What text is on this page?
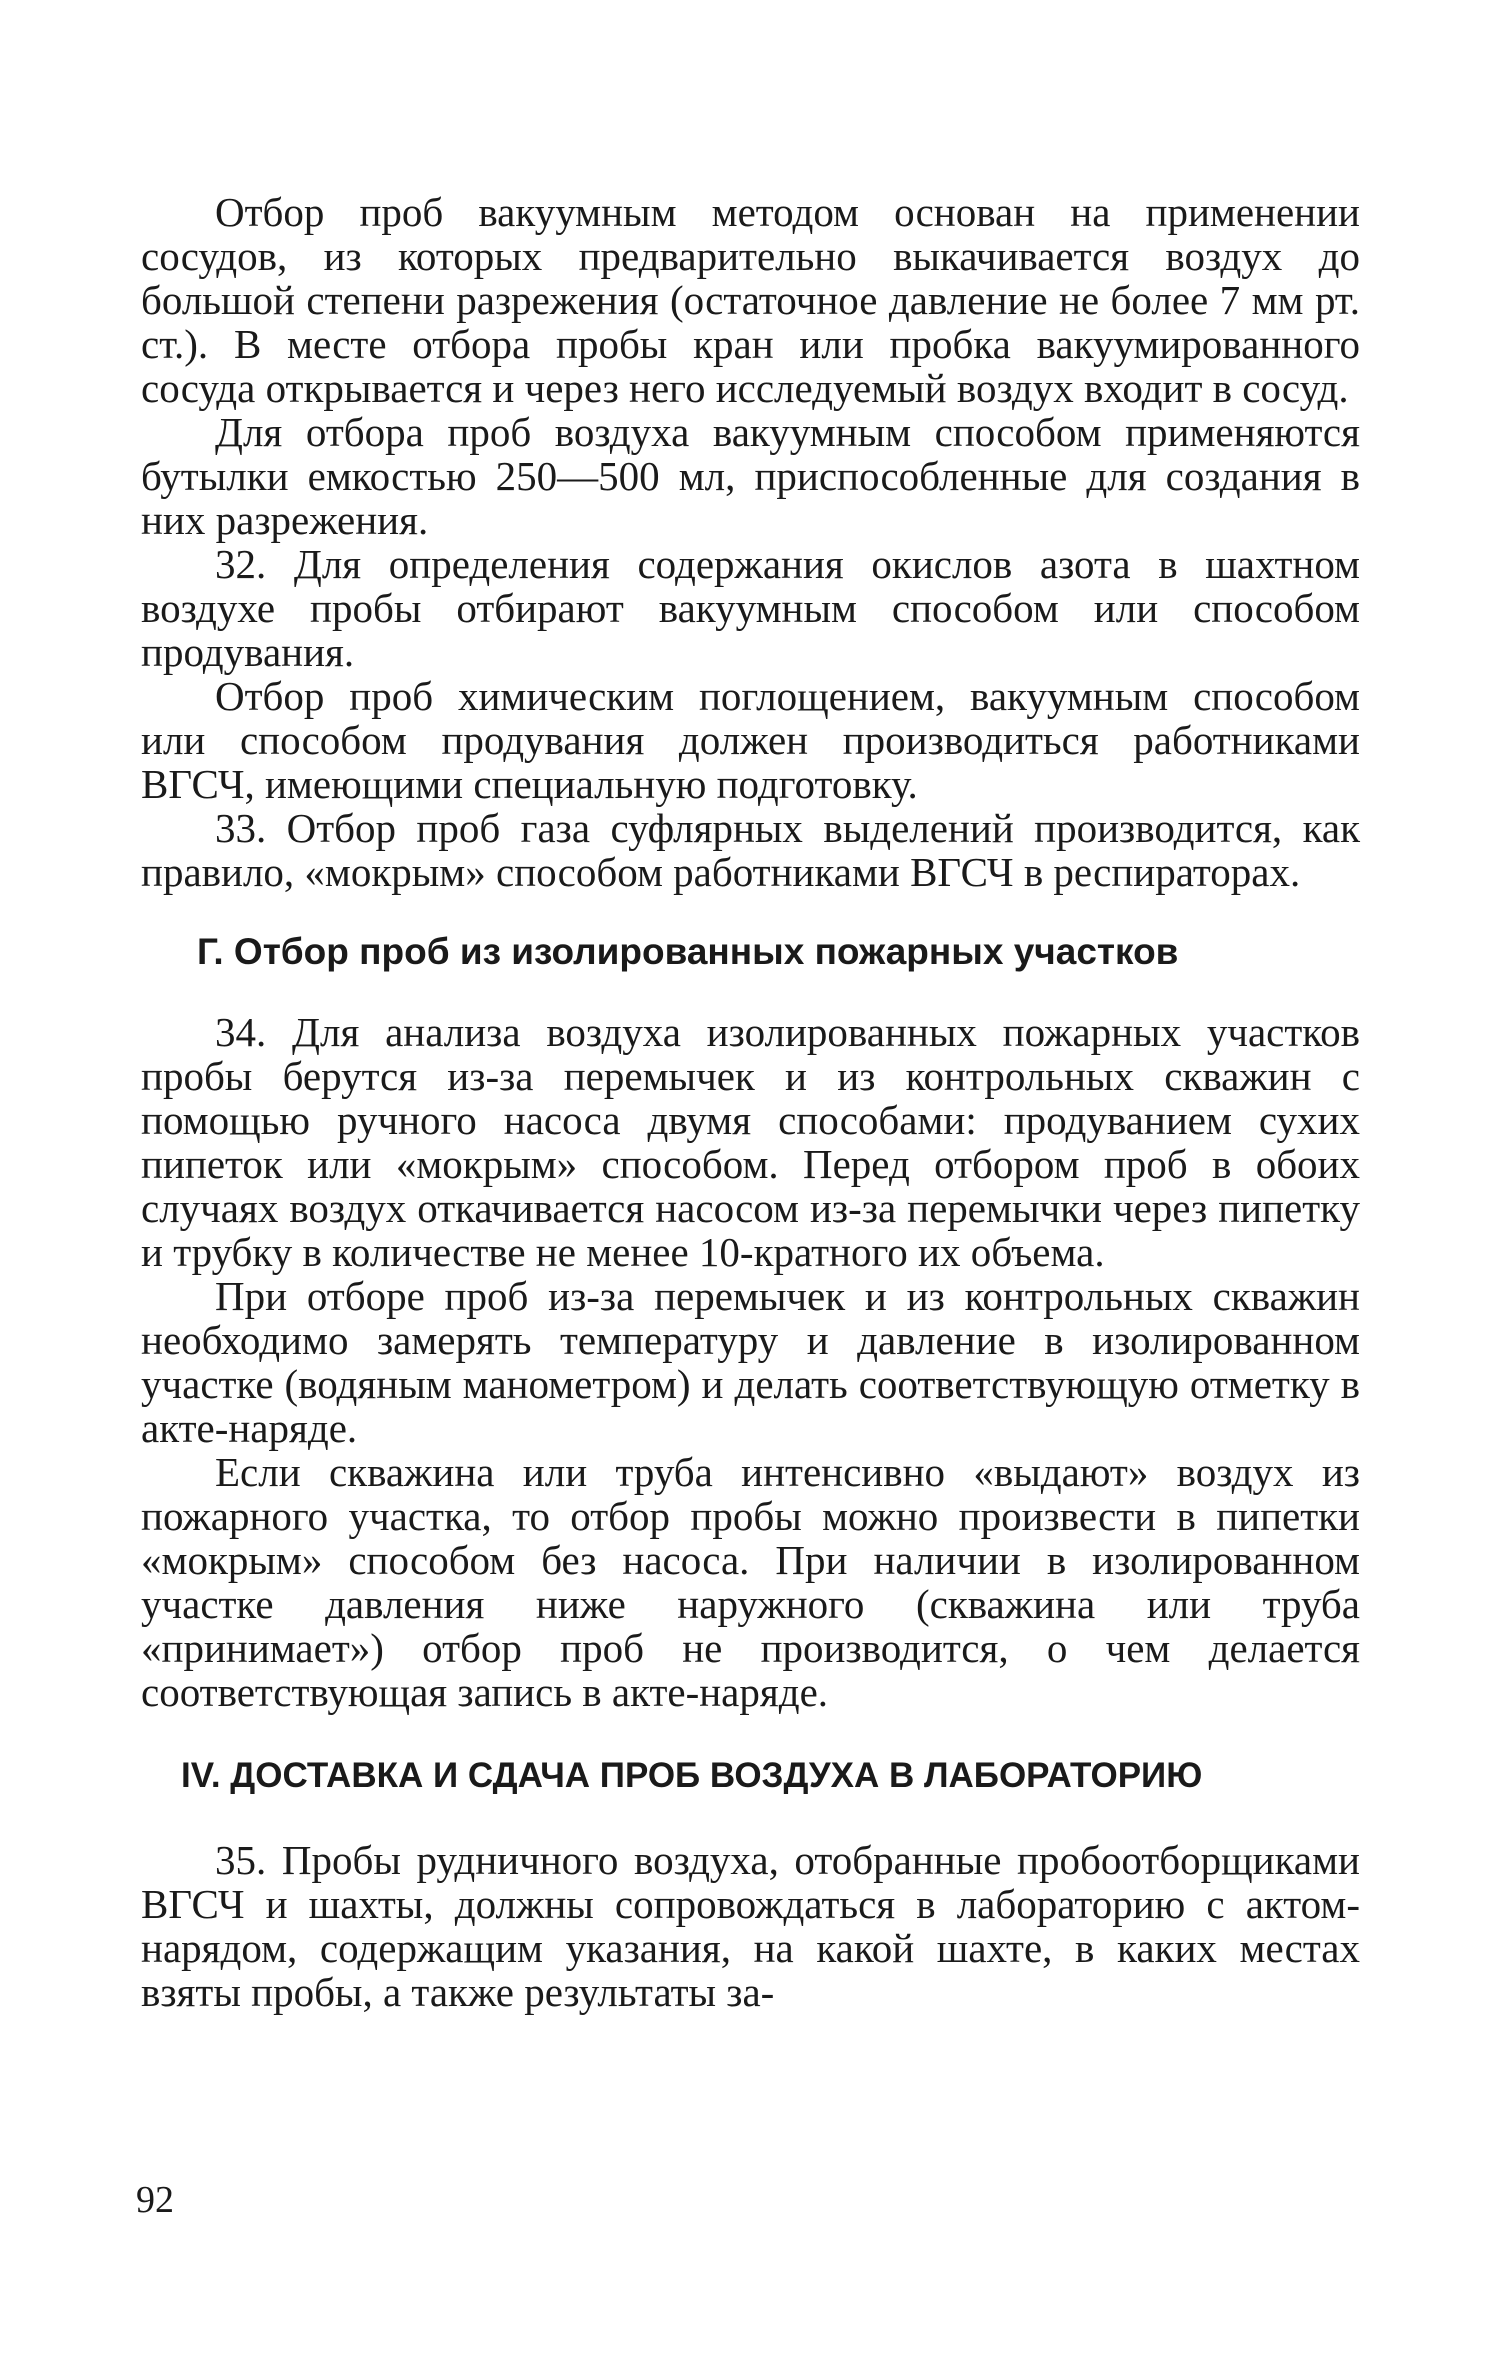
Отбор проб вакуумным методом основан на применении сосудов, из которых предварительно выкачивается воздух до большой степени разрежения (остаточное давление не более 7 мм рт. ст.). В месте отбора пробы кран или пробка вакуумированного сосуда открывается и через него исследуемый воздух входит в сосуд.

Для отбора проб воздуха вакуумным способом применяются бутылки емкостью 250—500 мл, приспособленные для создания в них разрежения.

32. Для определения содержания окислов азота в шахтном воздухе пробы отбирают вакуумным способом или способом продувания.

Отбор проб химическим поглощением, вакуумным способом или способом продувания должен производиться работниками ВГСЧ, имеющими специальную подготовку.

33. Отбор проб газа суфлярных выделений производится, как правило, «мокрым» способом работниками ВГСЧ в респираторах.

Г. Отбор проб из изолированных пожарных участков

34. Для анализа воздуха изолированных пожарных участков пробы берутся из-за перемычек и из контрольных скважин с помощью ручного насоса двумя способами: продуванием сухих пипеток или «мокрым» способом. Перед отбором проб в обоих случаях воздух откачивается насосом из-за перемычки через пипетку и трубку в количестве не менее 10-кратного их объема.

При отборе проб из-за перемычек и из контрольных скважин необходимо замерять температуру и давление в изолированном участке (водяным манометром) и делать соответствующую отметку в акте-наряде.

Если скважина или труба интенсивно «выдают» воздух из пожарного участка, то отбор пробы можно произвести в пипетки «мокрым» способом без насоса. При наличии в изолированном участке давления ниже наружного (скважина или труба «принимает») отбор проб не производится, о чем делается соответствующая запись в акте-наряде.

IV. ДОСТАВКА И СДАЧА ПРОБ ВОЗДУХА В ЛАБОРАТОРИЮ

35. Пробы рудничного воздуха, отобранные пробоотборщиками ВГСЧ и шахты, должны сопровождаться в лабораторию с актом-нарядом, содержащим указания, на какой шахте, в каких местах взяты пробы, а также результаты за-

92
